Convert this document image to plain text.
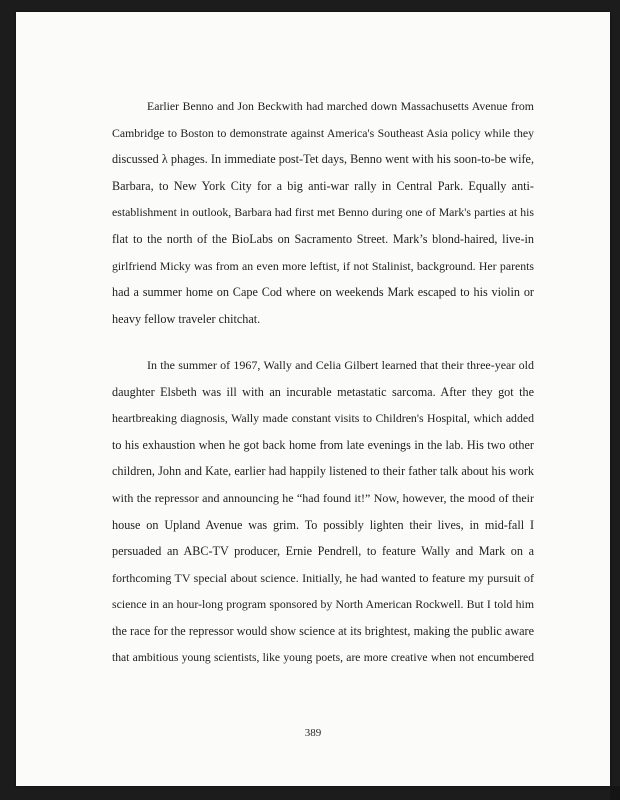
Earlier Benno and Jon Beckwith had marched down Massachusetts Avenue from
Cambridge to Boston to demonstrate against America's Southeast Asia policy while they
discussed λ phages. In immediate post-Tet days, Benno went with his soon-to-be wife,
Barbara, to New York City for a big anti-war rally in Central Park. Equally anti-
establishment in outlook, Barbara had first met Benno during one of Mark's parties at his
flat to the north of the BioLabs on Sacramento Street. Mark’s blond-haired, live-in
girlfriend Micky was from an even more leftist, if not Stalinist, background. Her parents
had a summer home on Cape Cod where on weekends Mark escaped to his violin or
heavy fellow traveler chitchat.
In the summer of 1967, Wally and Celia Gilbert learned that their three-year old
daughter Elsbeth was ill with an incurable metastatic sarcoma. After they got the
heartbreaking diagnosis, Wally made constant visits to Children's Hospital, which added
to his exhaustion when he got back home from late evenings in the lab. His two other
children, John and Kate, earlier had happily listened to their father talk about his work
with the repressor and announcing he “had found it!” Now, however, the mood of their
house on Upland Avenue was grim. To possibly lighten their lives, in mid-fall I
persuaded an ABC-TV producer, Ernie Pendrell, to feature Wally and Mark on a
forthcoming TV special about science. Initially, he had wanted to feature my pursuit of
science in an hour-long program sponsored by North American Rockwell. But I told him
the race for the repressor would show science at its brightest, making the public aware
that ambitious young scientists, like young poets, are more creative when not encumbered
389
